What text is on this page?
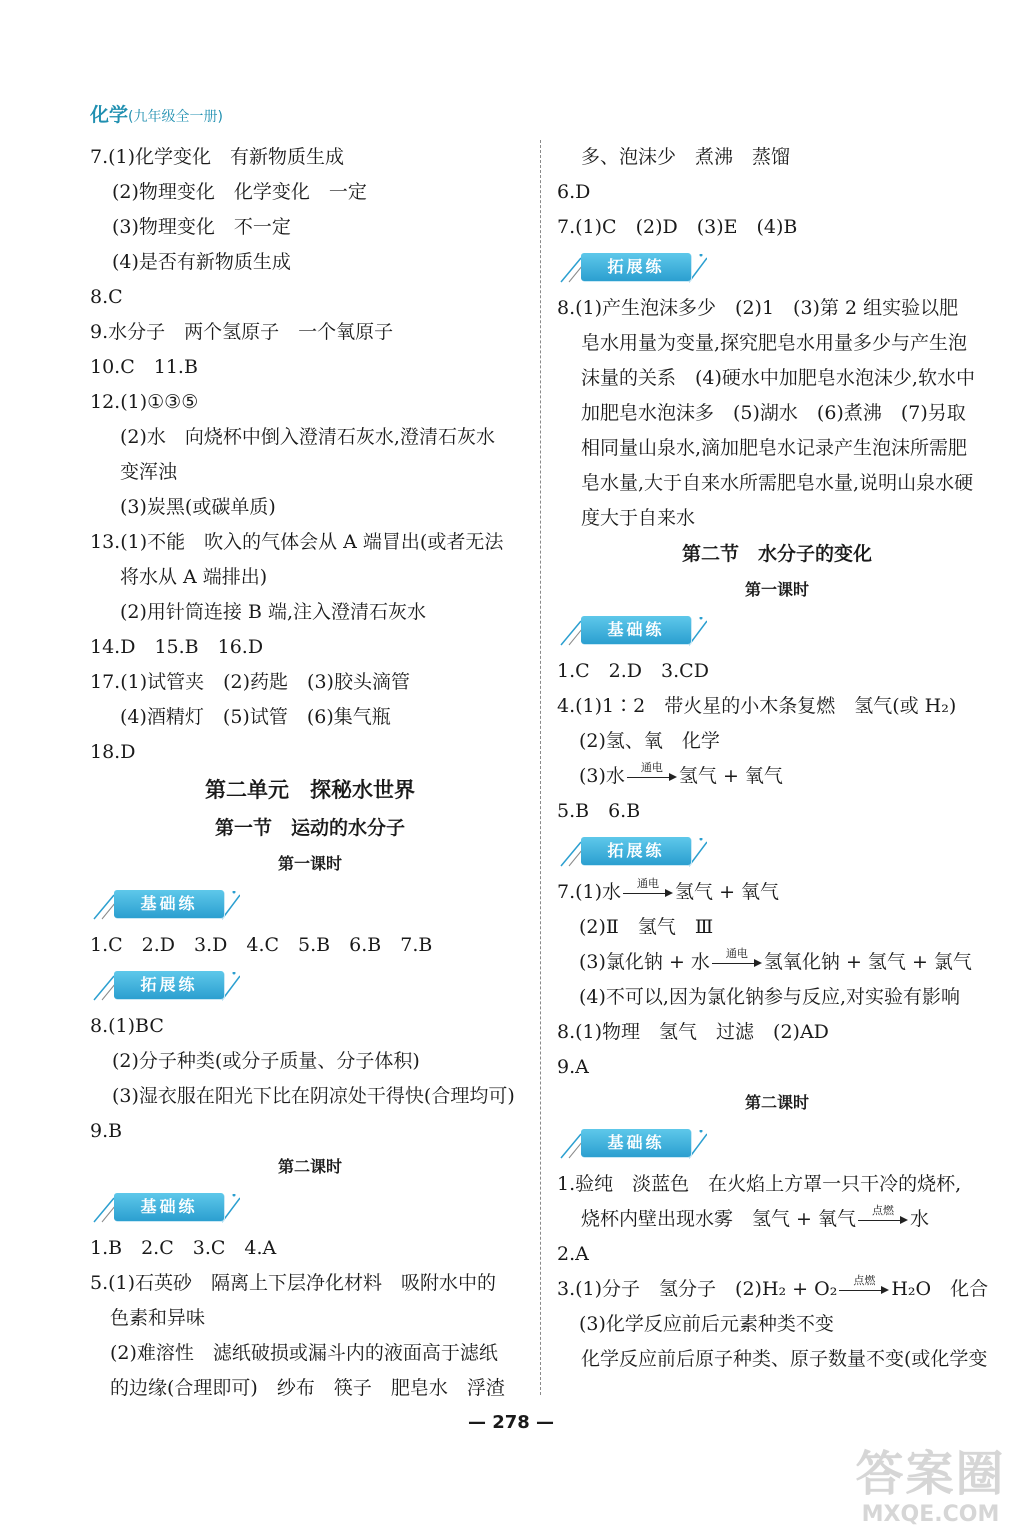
化学(九年级全一册)
7.(1)化学变化　有新物质生成
(2)物理变化　化学变化　一定
(3)物理变化　不一定
(4)是否有新物质生成
8.C
9.水分子　两个氢原子　一个氧原子
10.C　11.B
12.(1)①③⑤
(2)水　向烧杯中倒入澄清石灰水,澄清石灰水
变浑浊
(3)炭黑(或碳单质)
13.(1)不能　吹入的气体会从 A 端冒出(或者无法
将水从 A 端排出)
(2)用针筒连接 B 端,注入澄清石灰水
14.D　15.B　16.D
17.(1)试管夹　(2)药匙　(3)胶头滴管
(4)酒精灯　(5)试管　(6)集气瓶
18.D
第二单元　探秘水世界
第一节　运动的水分子
第一课时
基础练
1.C　2.D　3.D　4.C　5.B　6.B　7.B
拓展练
8.(1)BC
(2)分子种类(或分子质量、分子体积)
(3)湿衣服在阳光下比在阴凉处干得快(合理均可)
9.B
第二课时
基础练
1.B　2.C　3.C　4.A
5.(1)石英砂　隔离上下层净化材料　吸附水中的
色素和异味
(2)难溶性　滤纸破损或漏斗内的液面高于滤纸
的边缘(合理即可)　纱布　筷子　肥皂水　浮渣
多、泡沫少　煮沸　蒸馏
6.D
7.(1)C　(2)D　(3)E　(4)B
拓展练
8.(1)产生泡沫多少　(2)1　(3)第 2 组实验以肥
皂水用量为变量,探究肥皂水用量多少与产生泡
沫量的关系　(4)硬水中加肥皂水泡沫少,软水中
加肥皂水泡沫多　(5)湖水　(6)煮沸　(7)另取
相同量山泉水,滴加肥皂水记录产生泡沫所需肥
皂水量,大于自来水所需肥皂水量,说明山泉水硬
度大于自来水
第二节　水分子的变化
第一课时
基础练
1.C　2.D　3.CD
4.(1)1∶2　带火星的小木条复燃　氢气(或 H₂)
(2)氢、氧　化学
(3)水	通电 氢气 + 氧气
5.B　6.B
拓展练
7.(1)水	通电 氢气 + 氧气
(2)Ⅱ　氢气　Ⅲ
(3)氯化钠 + 水	通电 氢氧化钠 + 氢气 + 氯气
(4)不可以,因为氯化钠参与反应,对实验有影响
8.(1)物理　氢气　过滤　(2)AD
9.A
第二课时
基础练
1.验纯　淡蓝色　在火焰上方罩一只干冷的烧杯,
烧杯内壁出现水雾　氢气 + 氧气	点燃 水
2.A
3.(1)分子　氢分子　(2)H₂ + O₂	点燃 H₂O　化合
(3)化学反应前后元素种类不变
化学反应前后原子种类、原子数量不变(或化学变
— 278 —
答案圈
MXQE.COM
